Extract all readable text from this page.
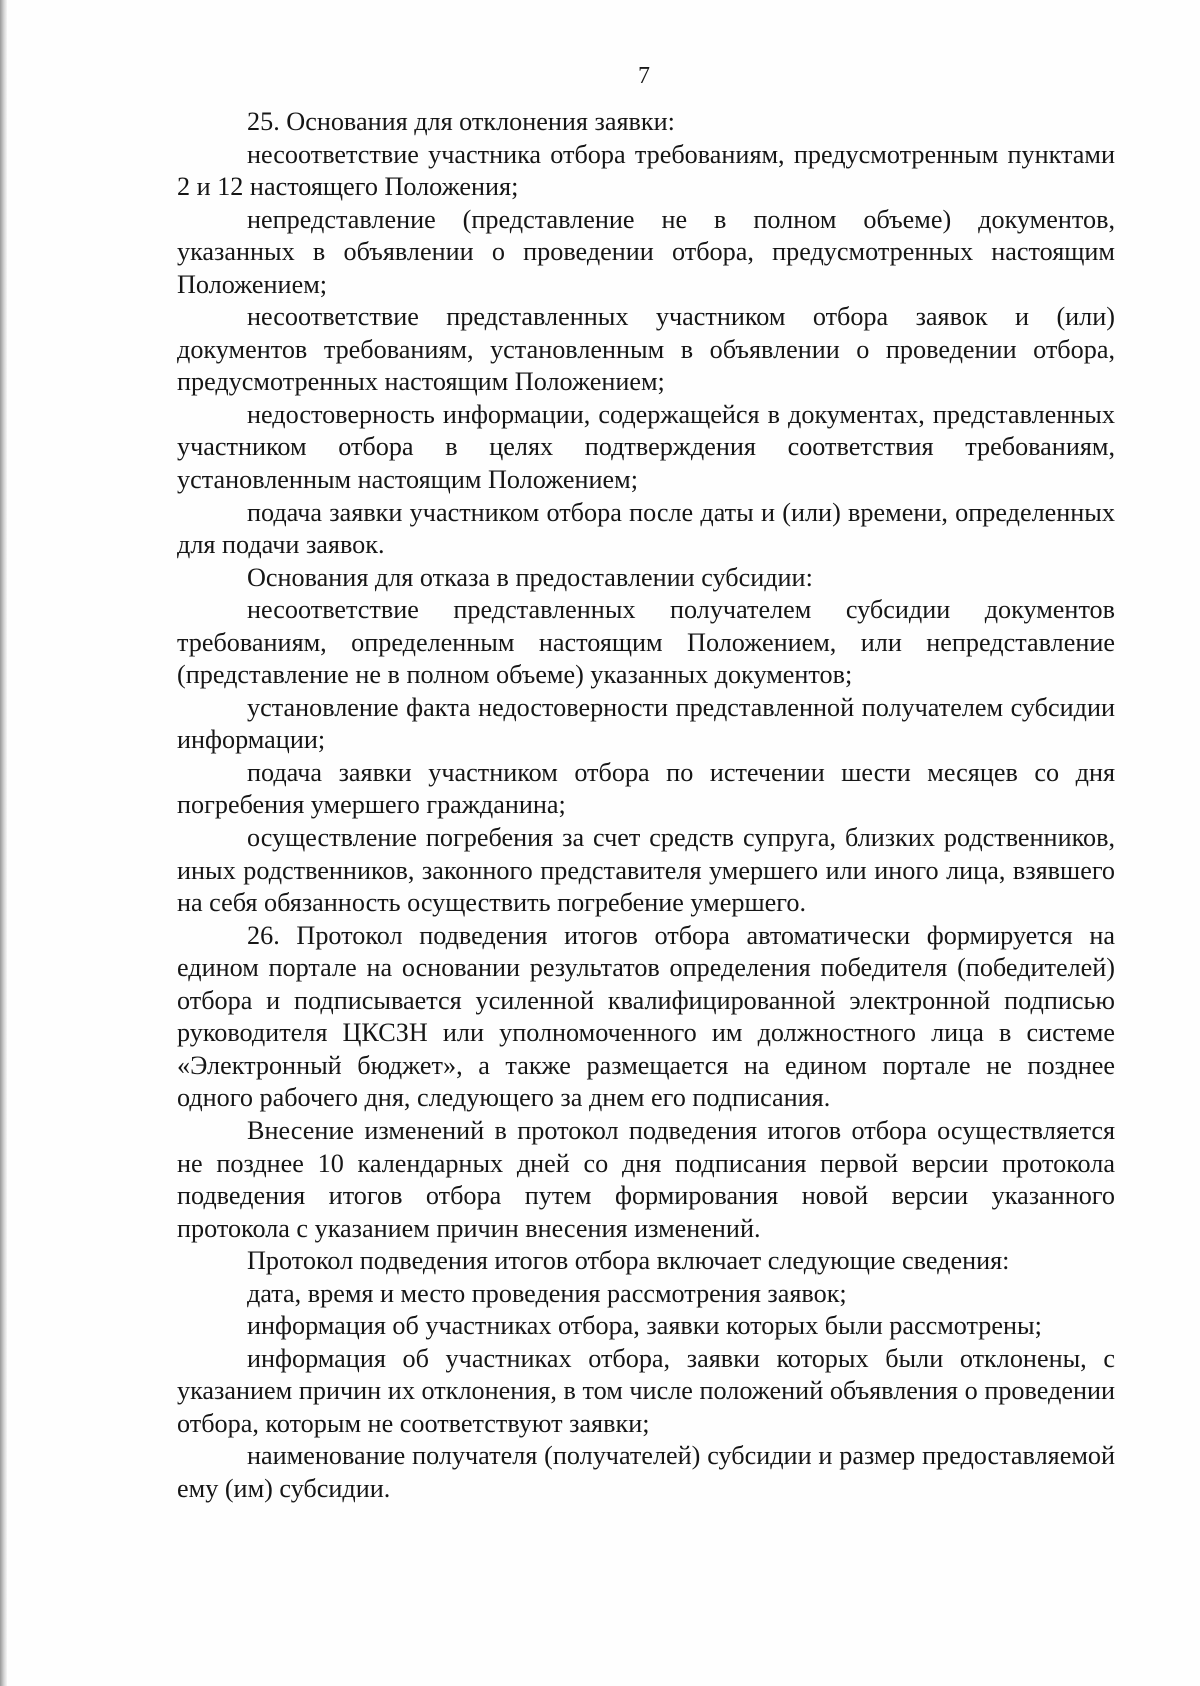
7

25. Основания для отклонения заявки:

несоответствие участника отбора требованиям, предусмотренным пунктами 2 и 12 настоящего Положения;

непредставление (представление не в полном объеме) документов, указанных в объявлении о проведении отбора, предусмотренных настоящим Положением;

несоответствие представленных участником отбора заявок и (или) документов требованиям, установленным в объявлении о проведении отбора, предусмотренных настоящим Положением;

недостоверность информации, содержащейся в документах, представленных участником отбора в целях подтверждения соответствия требованиям, установленным настоящим Положением;

подача заявки участником отбора после даты и (или) времени, определенных для подачи заявок.

Основания для отказа в предоставлении субсидии:

несоответствие представленных получателем субсидии документов требованиям, определенным настоящим Положением, или непредставление (представление не в полном объеме) указанных документов;

установление факта недостоверности представленной получателем субсидии информации;

подача заявки участником отбора по истечении шести месяцев со дня погребения умершего гражданина;

осуществление погребения за счет средств супруга, близких родственников, иных родственников, законного представителя умершего или иного лица, взявшего на себя обязанность осуществить погребение умершего.

26. Протокол подведения итогов отбора автоматически формируется на едином портале на основании результатов определения победителя (победителей) отбора и подписывается усиленной квалифицированной электронной подписью руководителя ЦКСЗН или уполномоченного им должностного лица в системе «Электронный бюджет», а также размещается на едином портале не позднее одного рабочего дня, следующего за днем его подписания.

Внесение изменений в протокол подведения итогов отбора осуществляется не позднее 10 календарных дней со дня подписания первой версии протокола подведения итогов отбора путем формирования новой версии указанного протокола с указанием причин внесения изменений.

Протокол подведения итогов отбора включает следующие сведения:

дата, время и место проведения рассмотрения заявок;

информация об участниках отбора, заявки которых были рассмотрены;

информация об участниках отбора, заявки которых были отклонены, с указанием причин их отклонения, в том числе положений объявления о проведении отбора, которым не соответствуют заявки;

наименование получателя (получателей) субсидии и размер предоставляемой ему (им) субсидии.
